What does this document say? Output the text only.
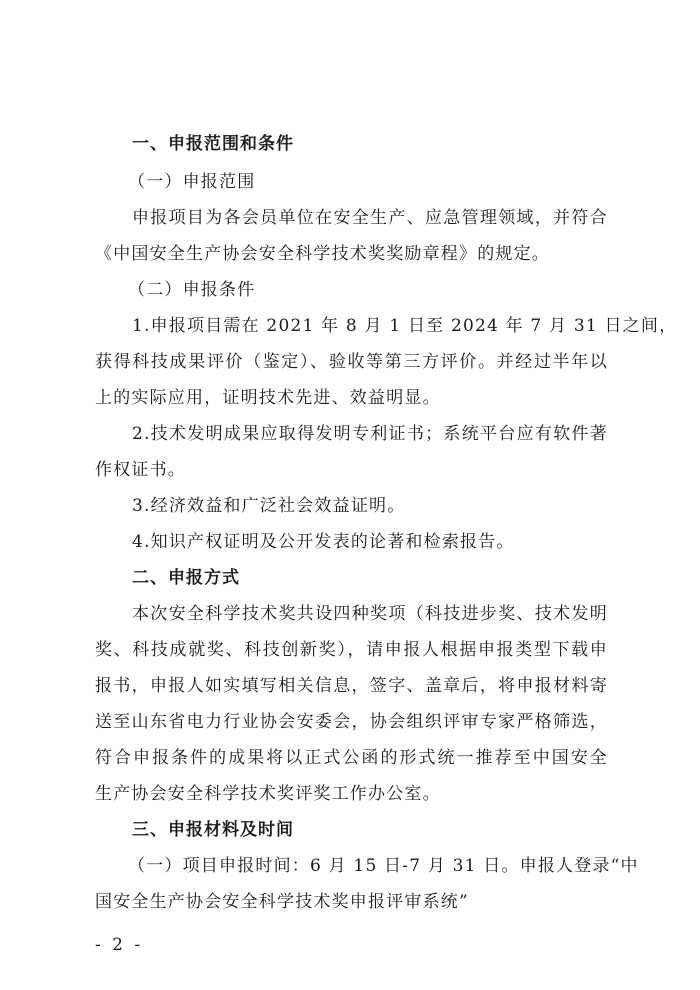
一、申报范围和条件
（一）申报范围
申报项目为各会员单位在安全生产、应急管理领域，并符合
《中国安全生产协会安全科学技术奖奖励章程》的规定。
（二）申报条件
1.申报项目需在 2021 年 8 月 1 日至 2024 年 7 月 31 日之间，
获得科技成果评价（鉴定）、验收等第三方评价。并经过半年以
上的实际应用，证明技术先进、效益明显。
2.技术发明成果应取得发明专利证书；系统平台应有软件著
作权证书。
3.经济效益和广泛社会效益证明。
4.知识产权证明及公开发表的论著和检索报告。
二、申报方式
本次安全科学技术奖共设四种奖项（科技进步奖、技术发明
奖、科技成就奖、科技创新奖），请申报人根据申报类型下载申
报书，申报人如实填写相关信息，签字、盖章后，将申报材料寄
送至山东省电力行业协会安委会，协会组织评审专家严格筛选，
符合申报条件的成果将以正式公函的形式统一推荐至中国安全
生产协会安全科学技术奖评奖工作办公室。
三、申报材料及时间
（一）项目申报时间：6 月 15 日-7 月 31 日。申报人登录“中
国安全生产协会安全科学技术奖申报评审系统”
- 2 -
